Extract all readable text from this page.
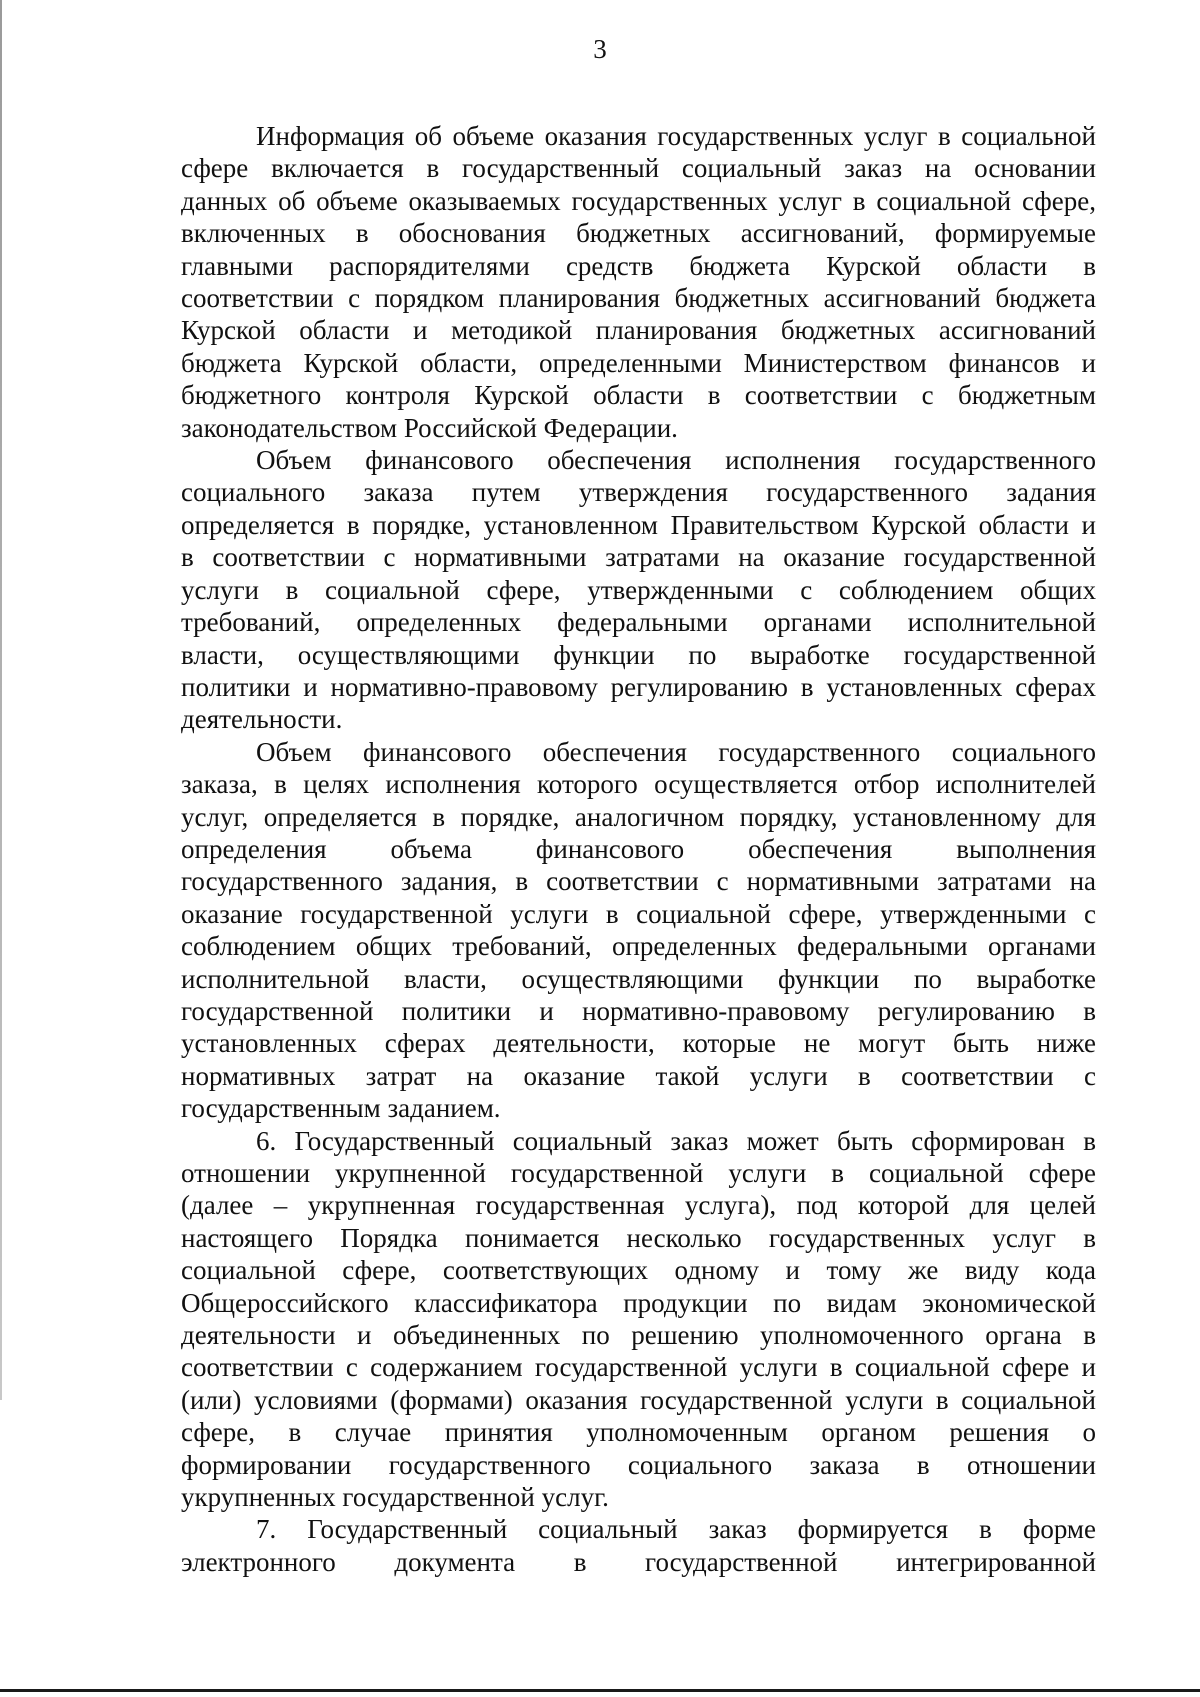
3
Информация об объеме оказания государственных услуг в социальной
сфере включается в государственный социальный заказ на основании
данных об объеме оказываемых государственных услуг в социальной сфере,
включенных в обоснования бюджетных ассигнований, формируемые
главными распорядителями средств бюджета Курской области в
соответствии с порядком планирования бюджетных ассигнований бюджета
Курской области и методикой планирования бюджетных ассигнований
бюджета Курской области, определенными Министерством финансов и
бюджетного контроля Курской области в соответствии с бюджетным
законодательством Российской Федерации.
Объем финансового обеспечения исполнения государственного
социального заказа путем утверждения государственного задания
определяется в порядке, установленном Правительством Курской области и
в соответствии с нормативными затратами на оказание государственной
услуги в социальной сфере, утвержденными с соблюдением общих
требований, определенных федеральными органами исполнительной
власти, осуществляющими функции по выработке государственной
политики и нормативно-правовому регулированию в установленных сферах
деятельности.
Объем финансового обеспечения государственного социального
заказа, в целях исполнения которого осуществляется отбор исполнителей
услуг, определяется в порядке, аналогичном порядку, установленному для
определения объема финансового обеспечения выполнения
государственного задания, в соответствии с нормативными затратами на
оказание государственной услуги в социальной сфере, утвержденными с
соблюдением общих требований, определенных федеральными органами
исполнительной власти, осуществляющими функции по выработке
государственной политики и нормативно-правовому регулированию в
установленных сферах деятельности, которые не могут быть ниже
нормативных затрат на оказание такой услуги в соответствии с
государственным заданием.
6. Государственный социальный заказ может быть сформирован в
отношении укрупненной государственной услуги в социальной сфере
(далее – укрупненная государственная услуга), под которой для целей
настоящего Порядка понимается несколько государственных услуг в
социальной сфере, соответствующих одному и тому же виду кода
Общероссийского классификатора продукции по видам экономической
деятельности и объединенных по решению уполномоченного органа в
соответствии с содержанием государственной услуги в социальной сфере и
(или) условиями (формами) оказания государственной услуги в социальной
сфере, в случае принятия уполномоченным органом решения о
формировании государственного социального заказа в отношении
укрупненных государственной услуг.
7. Государственный социальный заказ формируется в форме
электронного документа в государственной интегрированной
